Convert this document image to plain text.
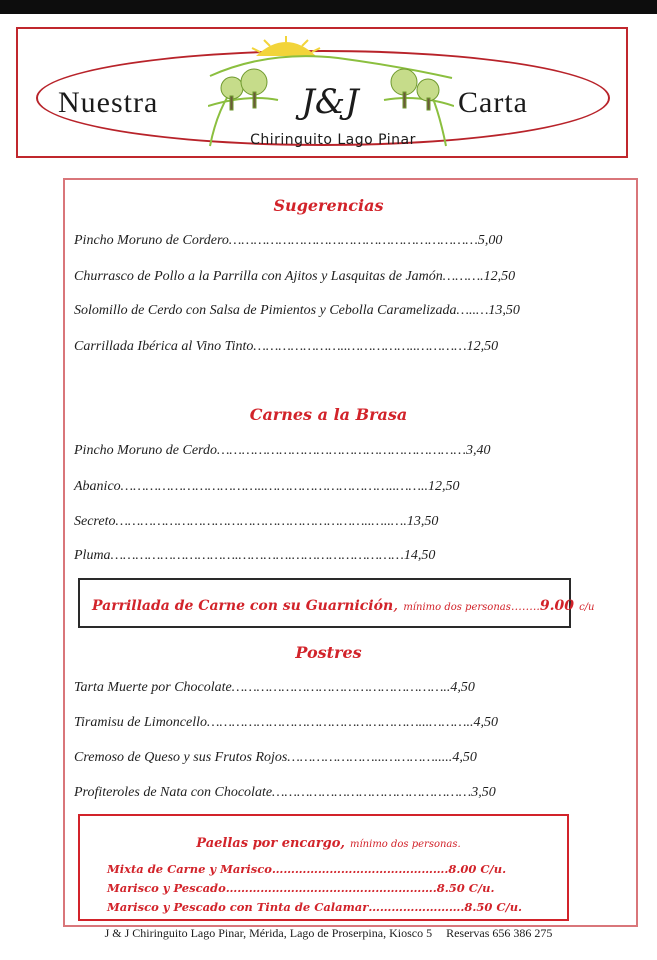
Nuestra	Carta
J&J
Chiringuito Lago Pinar
Sugerencias
Pincho Moruno de Cordero……………………………………………………5,00
Churrasco de Pollo a la Parrilla con Ajitos y Lasquitas de Jamón……….12,50
Solomillo de Cerdo con Salsa de Pimientos y Cebolla Caramelizada…..…13,50
Carrillada Ibérica al Vino Tinto…………………..……………..…………12,50
Carnes a la Brasa
Pincho Moruno de Cerdo……………………………………………………3,40
Abanico……………………………..…………………………..……..12,50
Secreto……………………………………………………..…..….13,50
Pluma………………………….………….………………………14,50
Parrillada de Carne con su Guarnición, mínimo dos personas……..9.00 c/u
Postres
Tarta Muerte por Chocolate……………………………………………..4,50
Tiramisu de Limoncello……………………………………………...………..4,50
Cremoso de Queso y sus Frutos Rojos…………………...………….....4,50
Profiteroles de Nata con Chocolate…………………………………………3,50
Paellas por encargo, mínimo dos personas.
Mixta de Carne y Marisco……………………………………….8.00 C/u.
Marisco y Pescado……………………………………………….8.50 C/u.
Marisco y Pescado con Tinta de Calamar…………………….8.50 C/u.
J & J Chiringuito Lago Pinar, Mérida, Lago de Proserpina, Kiosco 5 Reservas 656 386 275
